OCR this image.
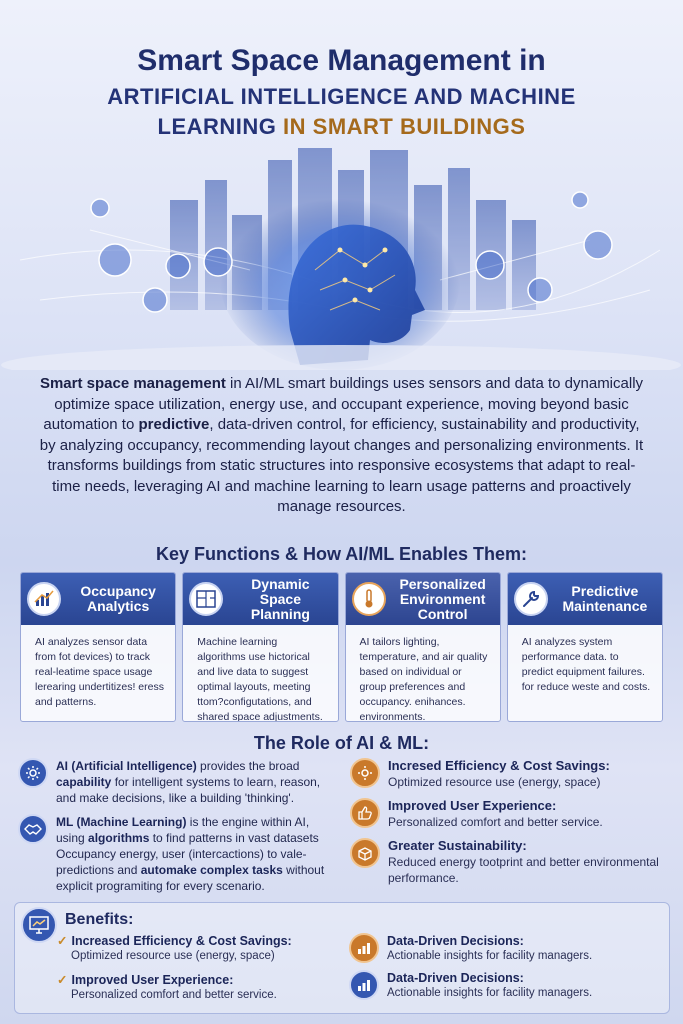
Smart Space Management in
ARTIFICIAL INTELLIGENCE AND MACHINE
LEARNING IN SMART BUILDINGS

Smart space management in AI/ML smart buildings uses sensors and data to dynamically optimize space utilization, energy use, and occupant experience, moving beyond basic automation to predictive, data-driven control, for efficiency, sustainability and productivity, by analyzing occupancy, recommending layout changes and personalizing environments. It transforms buildings from static structures into responsive ecosystems that adapt to real-time needs, leveraging AI and machine learning to learn usage patterns and proactively manage resources.

Key Functions & How AI/ML Enables Them:
Occupancy Analytics
AI analyzes sensor data from fot devices) to track real-leatime space usage lerearing undertitizes! eress and patterns.
Dynamic Space Planning
Machine learning algorithms use hictorical and live data to suggest optimal layouts, meeting ttom?configutations, and shared space adjustments.
Personalized Environment Control
AI tailors lighting, temperature, and air quality based on individual or group preferences and occupancy. enihances. environments.
Predictive Maintenance
AI analyzes system performance data. to predict equipment failures. for reduce weste and costs.
The Role of AI & ML:

AI (Artificial Intelligence) provides the broad capability for intelligent systems to learn, reason, and make decisions, like a building 'thinking'.

ML (Machine Learning) is the engine within AI, using algorithms to find patterns in vast datasets Occupancy energy, user (intercactions) to vale-predictions and automake complex tasks without explicit programiting for every scenario.

Incresed Efficiency & Cost Savings:
Optimized resource use (energy, space)
Improved User Experience:
Personalized comfort and better service.
Greater Sustainability:
Reduced energy tootprint and better environmental performance.
Benefits:
✓ Increased Efficiency & Cost Savings:
Optimized resource use (energy, space)
✓ Improved User Experience:
Personalized comfort and better service.
Data-Driven Decisions:
Actionable insights for facility managers.
Data-Driven Decisions:
Actionable insights for facility managers.
